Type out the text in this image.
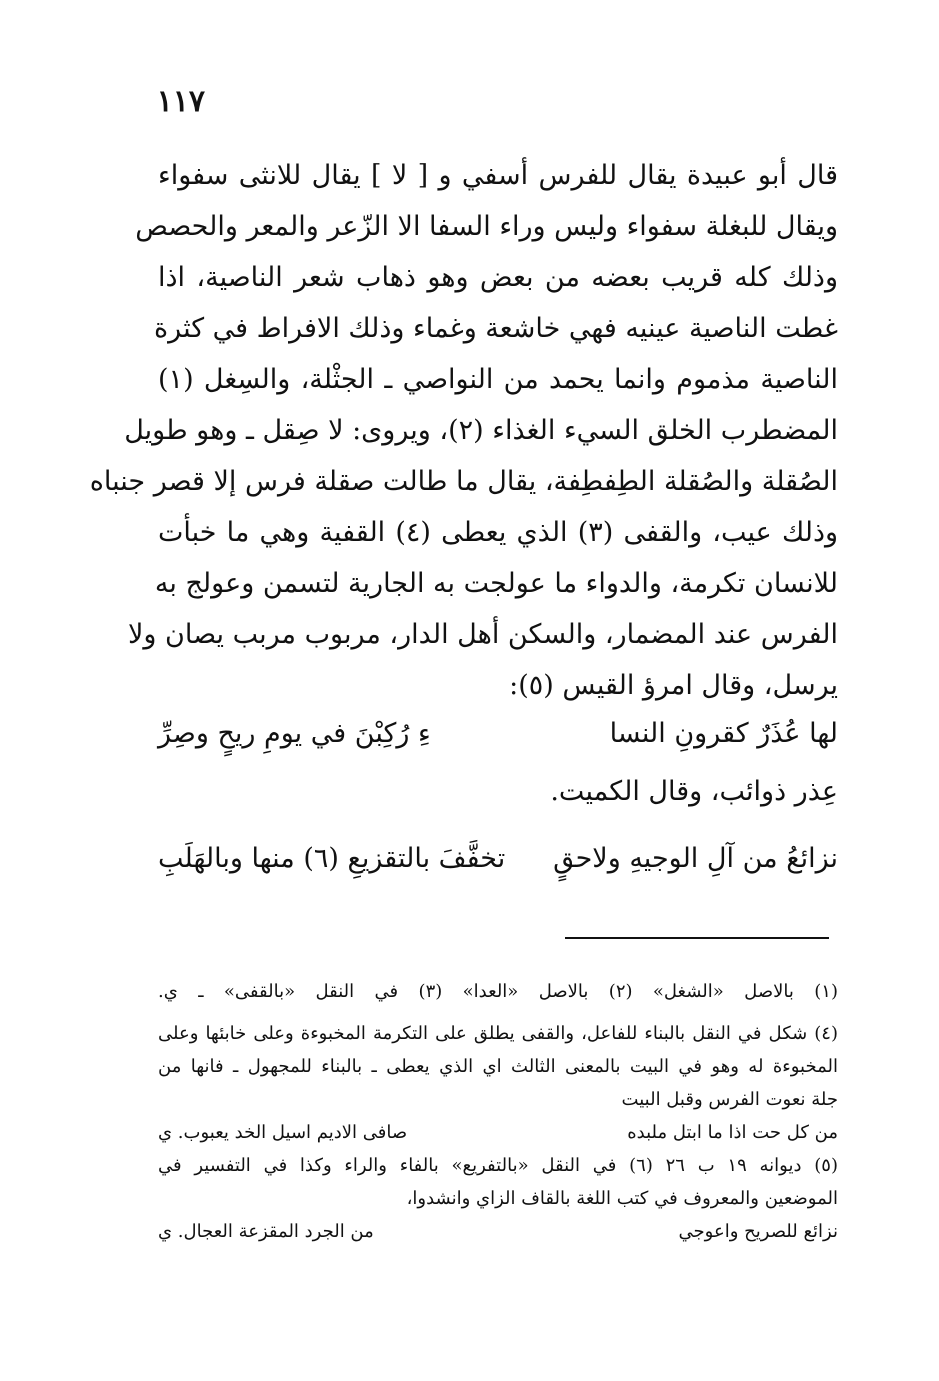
١١٧
قال أبو عبيدة يقال للفرس أسفي و [ لا ] يقال للانثى سفواء
ويقال للبغلة سفواء وليس وراء السفا الا الزّعر والمعر والحصص
وذلك كله قريب بعضه من بعض وهو ذهاب شعر الناصية، اذا
غطت الناصية عينيه فهي خاشعة وغماء وذلك الافراط في كثرة
الناصية مذموم وانما يحمد من النواصي ـ الجثْلة، والسِغل (١)
المضطرب الخلق السيء الغذاء (٢)، ويروى: لا صِقل ـ وهو طويل
الصُقلة والصُقلة الطِفطِفة، يقال ما طالت صقلة فرس إلا قصر جنباه
وذلك عيب، والقفى (٣) الذي يعطى (٤) القفية وهي ما خبأت
للانسان تكرمة، والدواء ما عولجت به الجارية لتسمن وعولج به
الفرس عند المضمار، والسكن أهل الدار، مربوب مربب يصان ولا
يرسل، وقال امرؤ القيس (٥):
لها عُذَرٌ كقرونِ النسا
ءِ رُكِبْنَ في يومِ ريحٍ وصِرِّ
عِذر ذوائب، وقال الكميت.
نزائعُ من آلِ الوجيهِ ولاحقٍ
تخفَّفَ بالتقزيعِ (٦) منها وبالهَلَبِ
(١) بالاصل «الشغل» (٢) بالاصل «العدا» (٣) في النقل «بالقفى» ـ ي.
(٤) شكل في النقل بالبناء للفاعل، والقفى يطلق على التكرمة المخبوءة وعلى خابئها وعلى
المخبوءة له وهو في البيت بالمعنى الثالث اي الذي يعطى ـ بالبناء للمجهول ـ فانها من
جلة نعوت الفرس وقبل البيت
من كل حت اذا ما ابتل ملبده
صافى الاديم اسيل الخد يعبوب. ي
(٥) ديوانه ١٩ ب ٢٦ (٦) في النقل «بالتفريع» بالفاء والراء وكذا في التفسير في
الموضعين والمعروف في كتب اللغة بالقاف الزاي وانشدوا،
نزائع للصريح واعوجي
من الجرد المقزعة العجال. ي
